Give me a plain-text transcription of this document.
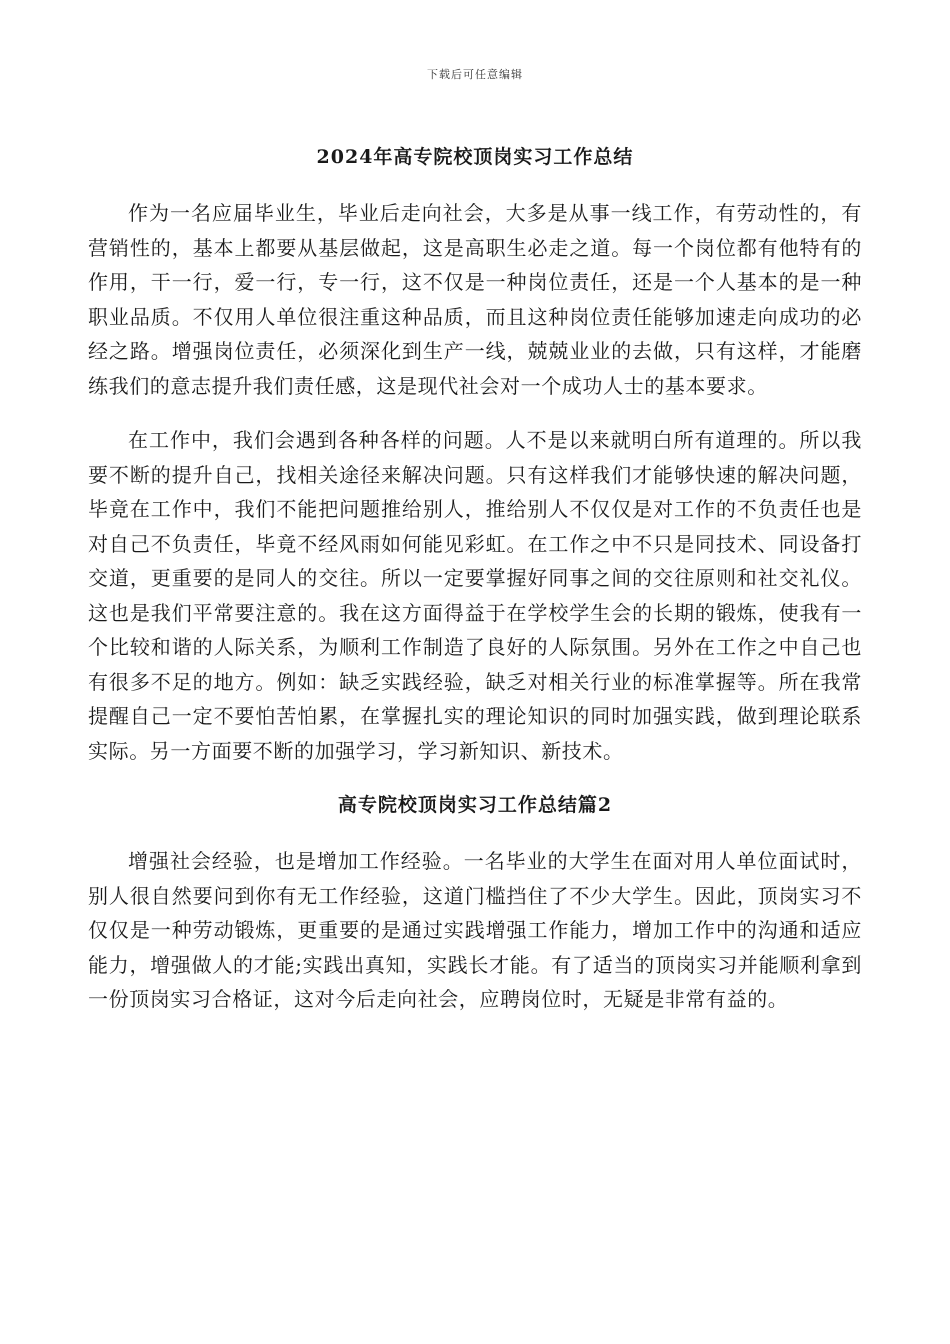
下载后可任意编辑
2024年高专院校顶岗实习工作总结

作为一名应届毕业生，毕业后走向社会，大多是从事一线工作，有劳动性的，有营销性的，基本上都要从基层做起，这是高职生必走之道。每一个岗位都有他特有的作用，干一行，爱一行，专一行，这不仅是一种岗位责任，还是一个人基本的是一种职业品质。不仅用人单位很注重这种品质，而且这种岗位责任能够加速走向成功的必经之路。增强岗位责任，必须深化到生产一线，兢兢业业的去做，只有这样，才能磨练我们的意志提升我们责任感，这是现代社会对一个成功人士的基本要求。

在工作中，我们会遇到各种各样的问题。人不是以来就明白所有道理的。所以我要不断的提升自己，找相关途径来解决问题。只有这样我们才能够快速的解决问题，毕竟在工作中，我们不能把问题推给别人，推给别人不仅仅是对工作的不负责任也是对自己不负责任，毕竟不经风雨如何能见彩虹。在工作之中不只是同技术、同设备打交道，更重要的是同人的交往。所以一定要掌握好同事之间的交往原则和社交礼仪。这也是我们平常要注意的。我在这方面得益于在学校学生会的长期的锻炼，使我有一个比较和谐的人际关系，为顺利工作制造了良好的人际氛围。另外在工作之中自己也有很多不足的地方。例如：缺乏实践经验，缺乏对相关行业的标准掌握等。所在我常提醒自己一定不要怕苦怕累，在掌握扎实的理论知识的同时加强实践，做到理论联系实际。另一方面要不断的加强学习，学习新知识、新技术。

高专院校顶岗实习工作总结篇2

增强社会经验，也是增加工作经验。一名毕业的大学生在面对用人单位面试时，别人很自然要问到你有无工作经验，这道门槛挡住了不少大学生。因此，顶岗实习不仅仅是一种劳动锻炼，更重要的是通过实践增强工作能力，增加工作中的沟通和适应能力，增强做人的才能;实践出真知，实践长才能。有了适当的顶岗实习并能顺利拿到一份顶岗实习合格证，这对今后走向社会，应聘岗位时，无疑是非常有益的。
